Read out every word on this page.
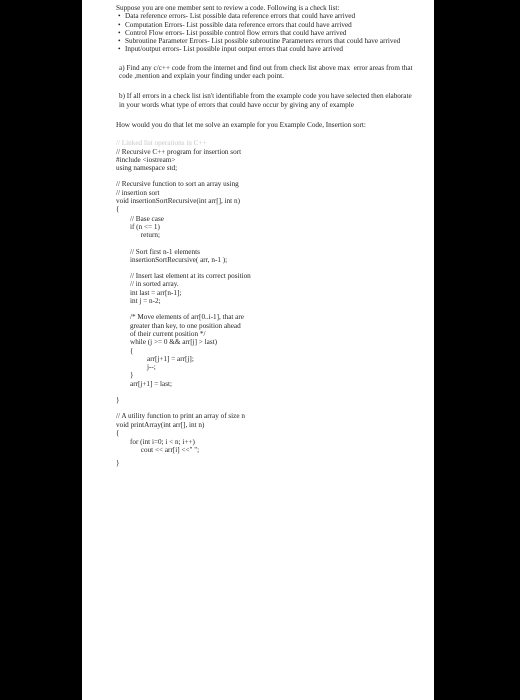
Suppose you are one member sent to review a code. Following is a check list:
• Data reference errors- List possible data reference errors that could have arrived
• Computation Errors- List possible data reference errors that could have arrived
• Control Flow errors- List possible control flow errors that could have arrived
• Subroutine Parameter Errors- List possible subroutine Parameters errors that could have arrived
• Input/output errors- List possible input output errors that could have arrived
a) Find any c/c++ code from the internet and find out from check list above max  error areas from that code ,mention and explain your finding under each point.
b) If all errors in a check list isn't identifiable from the example code you have selected then elaborate in your words what type of errors that could have occur by giving any of example
How would you do that let me solve an example for you Example Code, Insertion sort:
// Linked list operations in C++
// Recursive C++ program for insertion sort
#include <iostream>
using namespace std;
// Recursive function to sort an array using
// insertion sort
void insertionSortRecursive(int arr[], int n)
{
// Base case
if (n <= 1)
return;
// Sort first n-1 elements
insertionSortRecursive( arr, n-1 );
// Insert last element at its correct position
// in sorted array.
int last = arr[n-1];
int j = n-2;
/* Move elements of arr[0..i-1], that are
greater than key, to one position ahead
of their current position */
while (j >= 0 && arr[j] > last)
{
arr[j+1] = arr[j];
j--;
}
arr[j+1] = last;
}
// A utility function to print an array of size n
void printArray(int arr[], int n)
{
for (int i=0; i < n; i++)
cout << arr[i] <<" ";
}
